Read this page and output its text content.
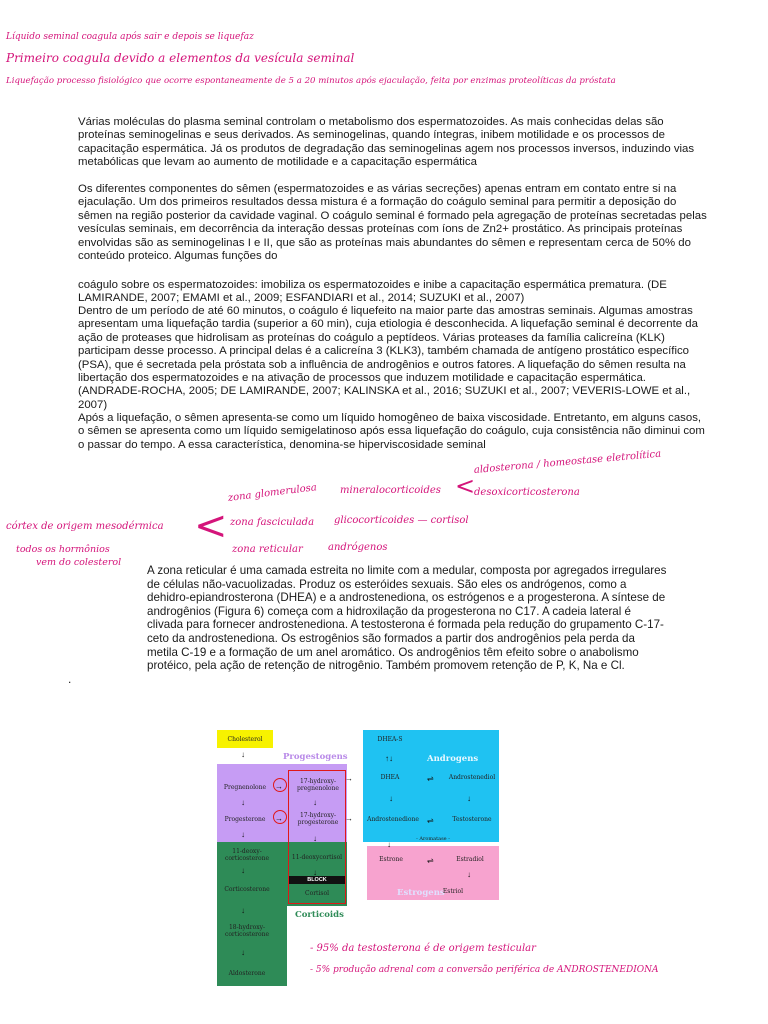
Líquido seminal coagula após sair e depois se liquefaz
Primeiro coagula devido a elementos da vesícula seminal
Liquefação processo fisiológico que ocorre espontaneamente de 5 a 20 minutos após ejaculação, feita por enzimas proteolíticas da próstata

Várias moléculas do plasma seminal controlam o metabolismo dos espermatozoides. As mais conhecidas delas são proteínas seminogelinas e seus derivados. As seminogelinas, quando íntegras, inibem motilidade e os processos de capacitação espermática. Já os produtos de degradação das seminogelinas agem nos processos inversos, induzindo vias metabólicas que levam ao aumento de motilidade e a capacitação espermática

Os diferentes componentes do sêmen (espermatozoides e as várias secreções) apenas entram em contato entre si na ejaculação. Um dos primeiros resultados dessa mistura é a formação do coágulo seminal para permitir a deposição do sêmen na região posterior da cavidade vaginal. O coágulo seminal é formado pela agregação de proteínas secretadas pelas vesículas seminais, em decorrência da interação dessas proteínas com íons de Zn2+ prostático. As principais proteínas envolvidas são as seminogelinas I e II, que são as proteínas mais abundantes do sêmen e representam cerca de 50% do conteúdo proteico. Algumas funções do

coágulo sobre os espermatozoides: imobiliza os espermatozoides e inibe a capacitação espermática prematura. (DE LAMIRANDE, 2007; EMAMI et al., 2009; ESFANDIARI et al., 2014; SUZUKI et al., 2007)

Dentro de um período de até 60 minutos, o coágulo é liquefeito na maior parte das amostras seminais. Algumas amostras apresentam uma liquefação tardia (superior a 60 min), cuja etiologia é desconhecida. A liquefação seminal é decorrente da ação de proteases que hidrolisam as proteínas do coágulo a peptídeos. Várias proteases da família calicreína (KLK) participam desse processo. A principal delas é a calicreína 3 (KLK3), também chamada de antígeno prostático específico (PSA), que é secretada pela próstata sob a influência de androgênios e outros fatores. A liquefação do sêmen resulta na libertação dos espermatozoides e na ativação de processos que induzem motilidade e capacitação espermática. (ANDRADE-ROCHA, 2005; DE LAMIRANDE, 2007; KALINSKA et al., 2016; SUZUKI et al., 2007; VEVERIS-LOWE et al., 2007)

Após a liquefação, o sêmen apresenta-se como um líquido homogêneo de baixa viscosidade. Entretanto, em alguns casos, o sêmen se apresenta como um líquido semigelatinoso após essa liquefação do coágulo, cuja consistência não diminui com o passar do tempo. A essa característica, denomina-se hiperviscosidade seminal

aldosterona / homeostase eletrolítica
desoxicorticosterona
zona glomerulosa mineralocorticoides <
córtex de origem mesodérmica < zona fasciculada glicocorticoides — cortisol
todos os hormônios	zona reticular	andrógenos
vem do colesterol

A zona reticular é uma camada estreita no limite com a medular, composta por agregados irregulares de células não-vacuolizadas. Produz os esteróides sexuais. São eles os andrógenos, como a dehidro-epiandrosterona (DHEA) e a androstenediona, os estrógenos e a progesterona. A síntese de androgênios (Figura 6) começa com a hidroxilação da progesterona no C17. A cadeia lateral é clivada para fornecer androstenediona. A testosterona é formada pela redução do grupamento C-17- ceto da androstenediona. Os estrogênios são formados a partir dos androgênios pela perda da metila C-19 e a formação de um anel aromático. Os androgênios têm efeito sobre o anabolismo protéico, pela ação de retenção de nitrogênio. Também promovem retenção de P, K, Na e Cl.

.
Progestogens	Androgens
Estrogens
Corticoids
Cholesterol
Pregnenolone
17-hydroxy-pregnenolone
Progesterone
17-hydroxy-progesterone
DHEA-S
DHEA	Androstenediol
Androstenedione	Testosterone
- Aromatase -
11-deoxy-corticosterone	11-deoxycortisol
BLOCK
Corticosterone
Cortisol
18-hydroxy-corticosterone
Aldosterone
Estrone	Estradiol
Estriol
↓
↓
↓
↓
↓
↓
↓
↓
↓
↑↓
↓	↓
→
→
→
→
⇌
⇌
⇌
↓
↓
- 95% da testosterona é de origem testicular
- 5% produção adrenal com a conversão periférica de ANDROSTENEDIONA
